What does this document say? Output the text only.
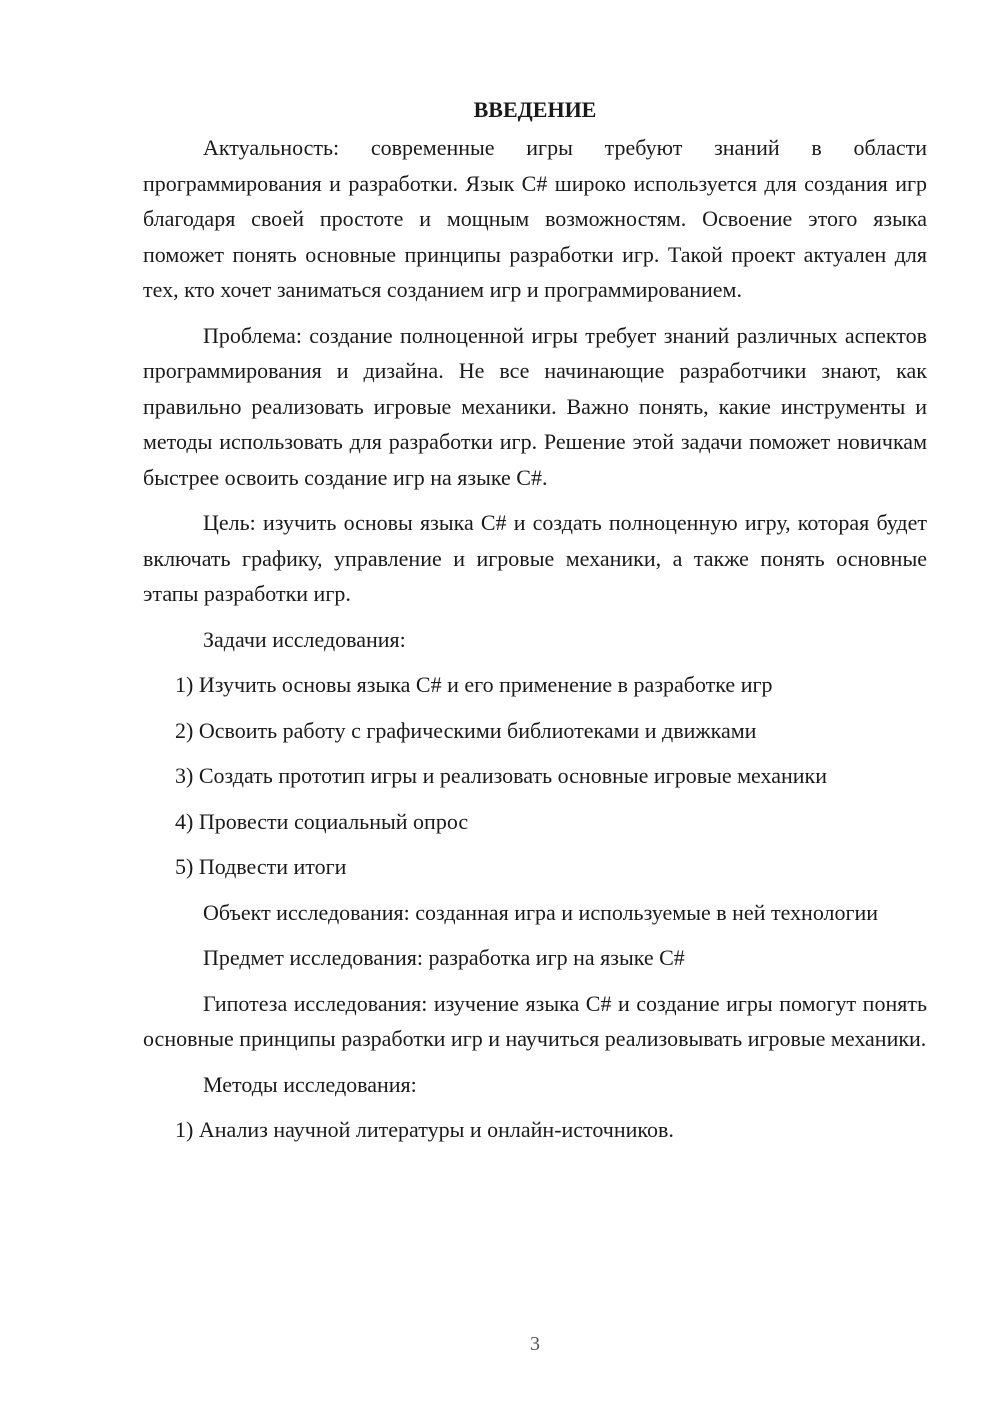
ВВЕДЕНИЕ

Актуальность: современные игры требуют знаний в области программирования и разработки. Язык C# широко используется для создания игр благодаря своей простоте и мощным возможностям. Освоение этого языка поможет понять основные принципы разработки игр. Такой проект актуален для тех, кто хочет заниматься созданием игр и программированием.

Проблема: создание полноценной игры требует знаний различных аспектов программирования и дизайна. Не все начинающие разработчики знают, как правильно реализовать игровые механики. Важно понять, какие инструменты и методы использовать для разработки игр. Решение этой задачи поможет новичкам быстрее освоить создание игр на языке C#.

Цель: изучить основы языка C# и создать полноценную игру, которая будет включать графику, управление и игровые механики, а также понять основные этапы разработки игр.

Задачи исследования:

1) Изучить основы языка C# и его применение в разработке игр

2) Освоить работу с графическими библиотеками и движками

3) Создать прототип игры и реализовать основные игровые механики

4) Провести социальный опрос

5) Подвести итоги

Объект исследования: созданная игра и используемые в ней технологии

Предмет исследования: разработка игр на языке C#

Гипотеза исследования: изучение языка C# и создание игры помогут понять основные принципы разработки игр и научиться реализовывать игровые механики.

Методы исследования:

1) Анализ научной литературы и онлайн-источников.

3
